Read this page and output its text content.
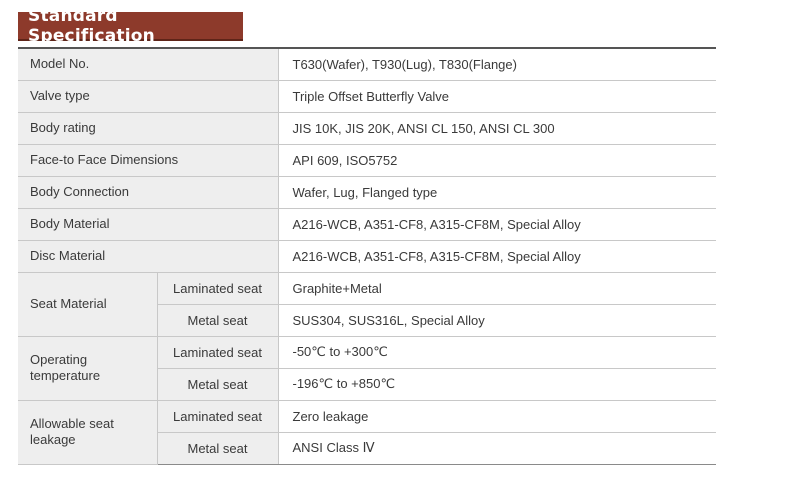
Standard Specification
Model No.		T630(Wafer), T930(Lug), T830(Flange)
Valve type		Triple Offset Butterfly Valve
Body rating		JIS 10K, JIS 20K, ANSI CL 150, ANSI CL 300
Face-to Face Dimensions		API 609, ISO5752
Body Connection		Wafer, Lug, Flanged type
Body Material		A216-WCB, A351-CF8, A315-CF8M, Special Alloy
Disc Material		A216-WCB, A351-CF8, A315-CF8M, Special Alloy
Seat Material	Laminated seat	Graphite+Metal
	Metal seat	SUS304, SUS316L, Special Alloy

Operating
temperature	Laminated seat	-50℃ to +300℃
	Metal seat	-196℃ to +850℃

Allowable seat
leakage	Laminated seat	Zero leakage
	Metal seat	ANSI Class Ⅳ
